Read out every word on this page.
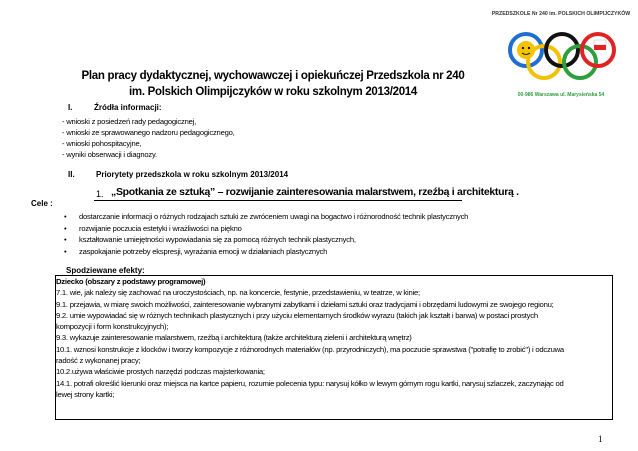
PRZEDSZKOLE Nr 240 im. POLSKICH OLIMPIJCZYKÓW
00-986 Warszawa ul. Marysieńska 54
Plan pracy dydaktycznej, wychowawczej i opiekuńczej Przedszkola nr 240
im. Polskich Olimpijczyków w roku szkolnym 2013/2014
I.	Źródła informacji:
- wnioski z posiedzeń rady pedagogicznej,
- wnioski ze sprawowanego nadzoru pedagogicznego,
- wnioski pohospitacyjne,
- wyniki obserwacji i diagnozy.
II.	Priorytety przedszkola w roku szkolnym 2013/2014
1. „Spotkania ze sztuką” – rozwijanie zainteresowania malarstwem, rzeźbą i architekturą .
Cele :
• dostarczanie informacji o różnych rodzajach sztuki ze zwróceniem uwagi na bogactwo i różnorodność technik plastycznych
• rozwijanie poczucia estetyki i wrażliwości na piękno
• kształtowanie umiejętności wypowiadania się za pomocą różnych technik plastycznych,
• zaspokajanie potrzeby ekspresji, wyrażania emocji w działaniach plastycznych
Spodziewane efekty:
Dziecko (obszary z podstawy programowej)
7.1. wie, jak należy się zachować na uroczystościach, np. na koncercie, festynie, przedstawieniu, w teatrze, w kinie;
9.1. przejawia, w miarę swoich możliwości, zainteresowanie wybranymi zabytkami i dziełami sztuki oraz tradycjami i obrzędami ludowymi ze swojego regionu;
9.2. umie wypowiadać się w różnych technikach plastycznych i przy użyciu elementarnych środków wyrazu (takich jak kształt i barwa) w postaci prostych
kompozycji i form konstrukcyjnych);
9.3. wykazuje zainteresowanie malarstwem, rzeźbą i architekturą (także architekturą zieleni i architekturą wnętrz)
10.1. wznosi konstrukcje z klocków i tworzy kompozycje z różnorodnych materiałów (np. przyrodniczych), ma poczucie sprawstwa ("potrafię to zrobić") i odczuwa
radość z wykonanej pracy;
10.2.używa właściwie prostych narzędzi podczas majsterkowania;
14.1. potrafi określić kierunki oraz miejsca na kartce papieru, rozumie polecenia typu: narysuj kółko w lewym górnym rogu kartki, narysuj szlaczek, zaczynając od
lewej strony kartki;
1
